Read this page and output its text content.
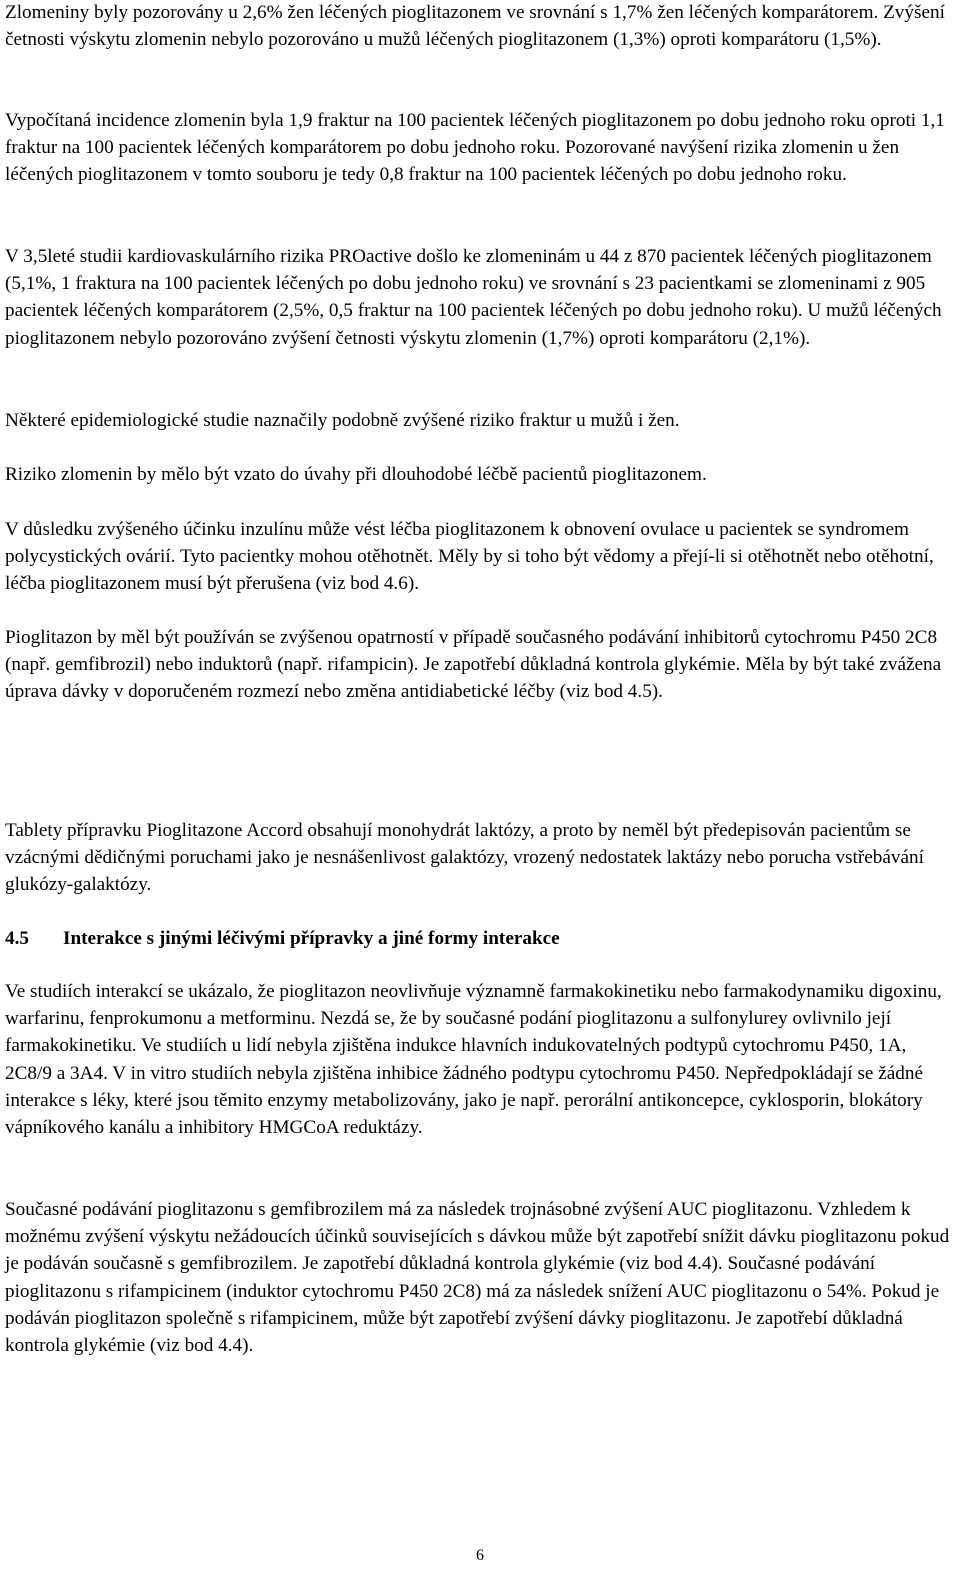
Zlomeniny byly pozorovány u 2,6% žen léčených pioglitazonem ve srovnání s 1,7% žen léčených komparátorem. Zvýšení četnosti výskytu zlomenin nebylo pozorováno u mužů léčených pioglitazonem (1,3%) oproti komparátoru (1,5%).

Vypočítaná incidence zlomenin byla 1,9 fraktur na 100 pacientek léčených pioglitazonem po dobu jednoho roku oproti 1,1 fraktur na 100 pacientek léčených komparátorem po dobu jednoho roku. Pozorované navýšení rizika zlomenin u žen léčených pioglitazonem v tomto souboru je tedy 0,8 fraktur na 100 pacientek léčených po dobu jednoho roku.

V 3,5leté studii kardiovaskulárního rizika PROactive došlo ke zlomeninám u 44 z 870 pacientek léčených pioglitazonem (5,1%, 1 fraktura na 100 pacientek léčených po dobu jednoho roku) ve srovnání s 23 pacientkami se zlomeninami z 905 pacientek léčených komparátorem (2,5%, 0,5 fraktur na 100 pacientek léčených po dobu jednoho roku). U mužů léčených pioglitazonem nebylo pozorováno zvýšení četnosti výskytu zlomenin (1,7%) oproti komparátoru (2,1%).

Některé epidemiologické studie naznačily podobně zvýšené riziko fraktur u mužů i žen.

Riziko zlomenin by mělo být vzato do úvahy při dlouhodobé léčbě pacientů pioglitazonem.

V důsledku zvýšeného účinku inzulínu může vést léčba pioglitazonem k obnovení ovulace u pacientek se syndromem polycystických ovárií. Tyto pacientky mohou otěhotnět. Měly by si toho být vědomy a přejí-li si otěhotnět nebo otěhotní, léčba pioglitazonem musí být přerušena (viz bod 4.6).

Pioglitazon by měl být používán se zvýšenou opatrností v případě současného podávání inhibitorů cytochromu P450 2C8 (např. gemfibrozil) nebo induktorů (např. rifampicin). Je zapotřebí důkladná kontrola glykémie. Měla by být také zvážena úprava dávky v doporučeném rozmezí nebo změna antidiabetické léčby (viz bod 4.5).

Tablety přípravku Pioglitazone Accord obsahují monohydrát laktózy, a proto by neměl být předepisován pacientům se vzácnými dědičnými poruchami jako je nesnášenlivost galaktózy, vrozený nedostatek laktázy nebo porucha vstřebávání glukózy-galaktózy.

4.5 Interakce s jinými léčivými přípravky a jiné formy interakce

Ve studiích interakcí se ukázalo, že pioglitazon neovlivňuje významně farmakokinetiku nebo farmakodynamiku digoxinu, warfarinu, fenprokumonu a metforminu. Nezdá se, že by současné podání pioglitazonu a sulfonylurey ovlivnilo její farmakokinetiku. Ve studiích u lidí nebyla zjištěna indukce hlavních indukovatelných podtypů cytochromu P450, 1A, 2C8/9 a 3A4. V in vitro studiích nebyla zjištěna inhibice žádného podtypu cytochromu P450. Nepředpokládají se žádné interakce s léky, které jsou těmito enzymy metabolizovány, jako je např. perorální antikoncepce, cyklosporin, blokátory vápníkového kanálu a inhibitory HMGCoA reduktázy.

Současné podávání pioglitazonu s gemfibrozilem má za následek trojnásobné zvýšení AUC pioglitazonu. Vzhledem k možnému zvýšení výskytu nežádoucích účinků souvisejících s dávkou může být zapotřebí snížit dávku pioglitazonu pokud je podáván současně s gemfibrozilem. Je zapotřebí důkladná kontrola glykémie (viz bod 4.4). Současné podávání pioglitazonu s rifampicinem (induktor cytochromu P450 2C8) má za následek snížení AUC pioglitazonu o 54%. Pokud je podáván pioglitazon společně s rifampicinem, může být zapotřebí zvýšení dávky pioglitazonu. Je zapotřebí důkladná kontrola glykémie (viz bod 4.4).

6
